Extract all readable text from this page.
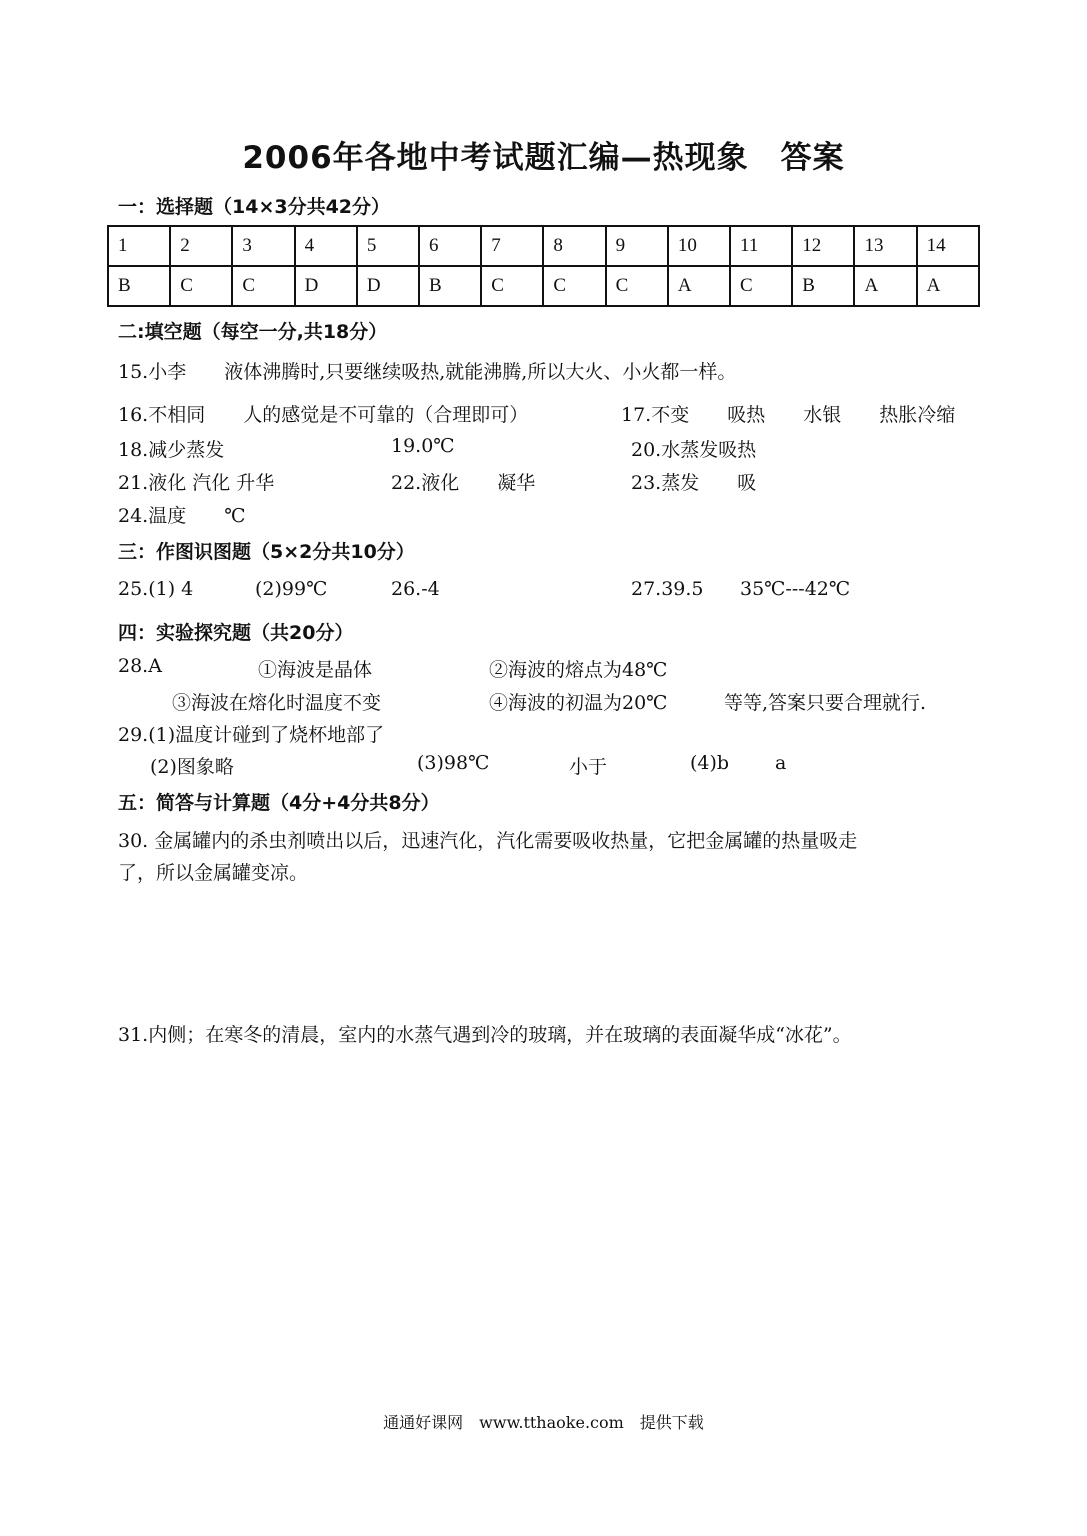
2006年各地中考试题汇编—热现象　答案
一：选择题（14×3分共42分）
1	2	3	4	5	6	7	8	9	10	11	12	13	14
B	C	C	D	D	B	C	C	C	A	C	B	A	A
二:填空题（每空一分,共18分）
15.小李　　液体沸腾时,只要继续吸热,就能沸腾,所以大火、小火都一样。
16.不相同　　人的感觉是不可靠的（合理即可）	17.不变　　吸热　　水银　　热胀冷缩
18.减少蒸发	19.0℃	20.水蒸发吸热
21.液化 汽化 升华	22.液化　　凝华	23.蒸发　　吸
24.温度　　℃
三：作图识图题（5×2分共10分）
25.(1) 4	(2)99℃	26.-4	27.39.5 35℃---42℃
四：实验探究题（共20分）
28.A	①海波是晶体	②海波的熔点为48℃
③海波在熔化时温度不变	④海波的初温为20℃	等等,答案只要合理就行.
29.(1)温度计碰到了烧杯地部了
(2)图象略	(3)98℃	小于	(4)b a
五：简答与计算题（4分+4分共8分）
30. 金属罐内的杀虫剂喷出以后，迅速汽化，汽化需要吸收热量，它把金属罐的热量吸走
了，所以金属罐变凉。
31.内侧；在寒冬的清晨，室内的水蒸气遇到冷的玻璃，并在玻璃的表面凝华成“冰花”。
通通好课网　www.tthaoke.com　提供下载
